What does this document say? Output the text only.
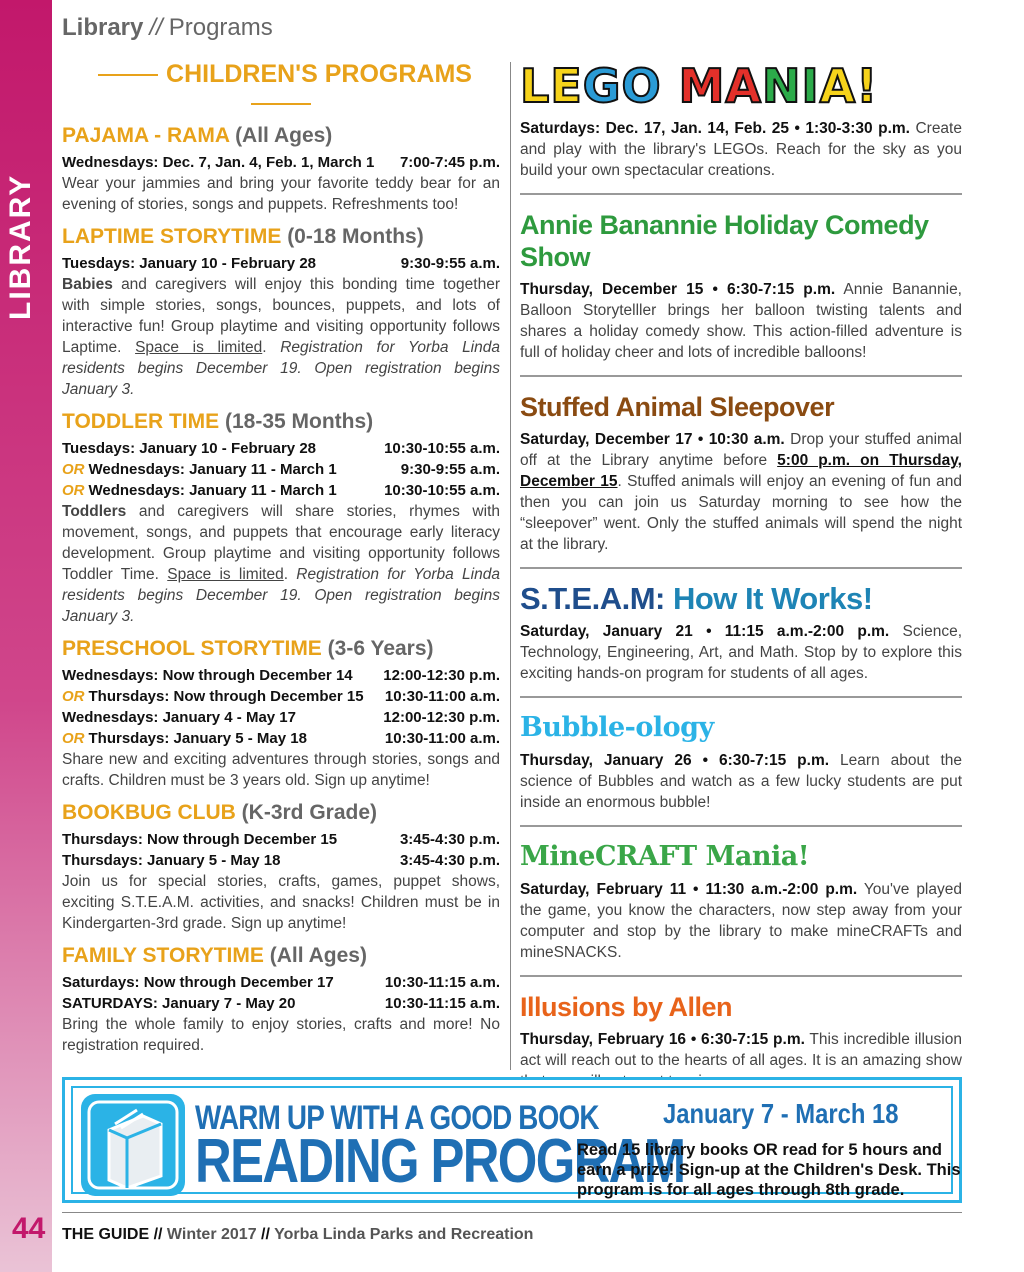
LIBRARY
Library // Programs
CHILDREN'S PROGRAMS
PAJAMA - RAMA (All Ages)
Wednesdays: Dec. 7, Jan. 4, Feb. 1, March 1 7:00-7:45 p.m.
Wear your jammies and bring your favorite teddy bear for an evening of stories, songs and puppets. Refreshments too!
LAPTIME STORYTIME (0-18 Months)
Tuesdays: January 10 - February 28	9:30-9:55 a.m.
Babies and caregivers will enjoy this bonding time together with simple stories, songs, bounces, puppets, and lots of interactive fun! Group playtime and visiting opportunity follows Laptime. Space is limited. Registration for Yorba Linda residents begins December 19. Open registration begins January 3.
TODDLER TIME (18-35 Months)
Tuesdays: January 10 - February 28	10:30-10:55 a.m.
OR Wednesdays: January 11 - March 1	9:30-9:55 a.m.
OR Wednesdays: January 11 - March 1	10:30-10:55 a.m.
Toddlers and caregivers will share stories, rhymes with movement, songs, and puppets that encourage early literacy development. Group playtime and visiting opportunity follows Toddler Time. Space is limited. Registration for Yorba Linda residents begins December 19. Open registration begins January 3.
PRESCHOOL STORYTIME (3-6 Years)
Wednesdays: Now through December 14 12:00-12:30 p.m.
OR Thursdays: Now through December 15 10:30-11:00 a.m.
Wednesdays: January 4 - May 17	12:00-12:30 p.m.
OR Thursdays: January 5 - May 18	10:30-11:00 a.m.
Share new and exciting adventures through stories, songs and crafts. Children must be 3 years old. Sign up anytime!
BOOKBUG CLUB (K-3rd Grade)
Thursdays: Now through December 15	3:45-4:30 p.m.
Thursdays: January 5 - May 18	3:45-4:30 p.m.
Join us for special stories, crafts, games, puppet shows, exciting S.T.E.A.M. activities, and snacks! Children must be in Kindergarten-3rd grade. Sign up anytime!
FAMILY STORYTIME (All Ages)
Saturdays: Now through December 17	10:30-11:15 a.m.
SATURDAYS: January 7 - May 20	10:30-11:15 a.m.
Bring the whole family to enjoy stories, crafts and more! No registration required.
LEGO MANIA!
Saturdays: Dec. 17, Jan. 14, Feb. 25 • 1:30-3:30 p.m. Create and play with the library's LEGOs. Reach for the sky as you build your own spectacular creations.
Annie Banannie Holiday Comedy Show
Thursday, December 15 • 6:30-7:15 p.m. Annie Banannie, Balloon Storytelller brings her balloon twisting talents and shares a holiday comedy show. This action-filled adventure is full of holiday cheer and lots of incredible balloons!
Stuffed Animal Sleepover
Saturday, December 17 • 10:30 a.m. Drop your stuffed animal off at the Library anytime before 5:00 p.m. on Thursday, December 15. Stuffed animals will enjoy an evening of fun and then you can join us Saturday morning to see how the “sleepover” went. Only the stuffed animals will spend the night at the library.
S.T.E.A.M: How It Works!
Saturday, January 21 • 11:15 a.m.-2:00 p.m. Science, Technology, Engineering, Art, and Math. Stop by to explore this exciting hands-on program for students of all ages.
Bubble-ology
Thursday, January 26 • 6:30-7:15 p.m. Learn about the science of Bubbles and watch as a few lucky students are put inside an enormous bubble!
MineCRAFT Mania!
Saturday, February 11 • 11:30 a.m.-2:00 p.m. You've played the game, you know the characters, now step away from your computer and stop by the library to make mineCRAFTs and mineSNACKS.
Illusions by Allen
Thursday, February 16 • 6:30-7:15 p.m. This incredible illusion act will reach out to the hearts of all ages. It is an amazing show
WARM UP WITH A GOOD BOOK
READING PROGRAM
January 7 - March 18
Read 15 library books OR read for 5 hours and earn a prize! Sign-up at the Children's Desk. This program is for all ages through 8th grade.
44 THE GUIDE // Winter 2017 // Yorba Linda Parks and Recreation
